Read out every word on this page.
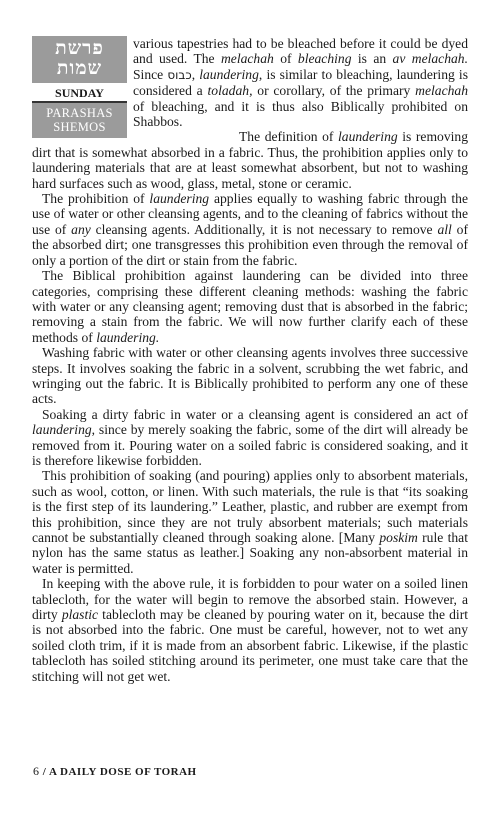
פרשת שמות
SUNDAY
PARASHAS
SHEMOS

various tapestries had to be bleached before it could be dyed and used. The melachah of bleaching is an av melachah. Since כבוס, laundering, is similar to bleaching, laundering is considered a toladah, or corollary, of the primary melachah of bleaching, and it is thus also Biblically prohibited on Shabbos.

The definition of laundering is removing dirt that is somewhat absorbed in a fabric. Thus, the prohibition applies only to laundering materials that are at least somewhat absorbent, but not to washing hard surfaces such as wood, glass, metal, stone or ceramic.

The prohibition of laundering applies equally to washing fabric through the use of water or other cleansing agents, and to the cleaning of fabrics without the use of any cleansing agents. Additionally, it is not necessary to remove all of the absorbed dirt; one transgresses this prohibition even through the removal of only a portion of the dirt or stain from the fabric.

The Biblical prohibition against laundering can be divided into three categories, comprising these different cleaning methods: washing the fabric with water or any cleansing agent; removing dust that is absorbed in the fabric; removing a stain from the fabric. We will now further clarify each of these methods of laundering.

Washing fabric with water or other cleansing agents involves three successive steps. It involves soaking the fabric in a solvent, scrubbing the wet fabric, and wringing out the fabric. It is Biblically prohibited to perform any one of these acts.

Soaking a dirty fabric in water or a cleansing agent is considered an act of laundering, since by merely soaking the fabric, some of the dirt will already be removed from it. Pouring water on a soiled fabric is considered soaking, and it is therefore likewise forbidden.

This prohibition of soaking (and pouring) applies only to absorbent materials, such as wool, cotton, or linen. With such materials, the rule is that “its soaking is the first step of its laundering.” Leather, plastic, and rubber are exempt from this prohibition, since they are not truly absorbent materials; such materials cannot be substantially cleaned through soaking alone. [Many poskim rule that nylon has the same status as leather.] Soaking any non-absorbent material in water is permitted.

In keeping with the above rule, it is forbidden to pour water on a soiled linen tablecloth, for the water will begin to remove the absorbed stain. However, a dirty plastic tablecloth may be cleaned by pouring water on it, because the dirt is not absorbed into the fabric. One must be careful, however, not to wet any soiled cloth trim, if it is made from an absorbent fabric. Likewise, if the plastic tablecloth has soiled stitching around its perimeter, one must take care that the stitching will not get wet.

6 / A DAILY DOSE OF TORAH
